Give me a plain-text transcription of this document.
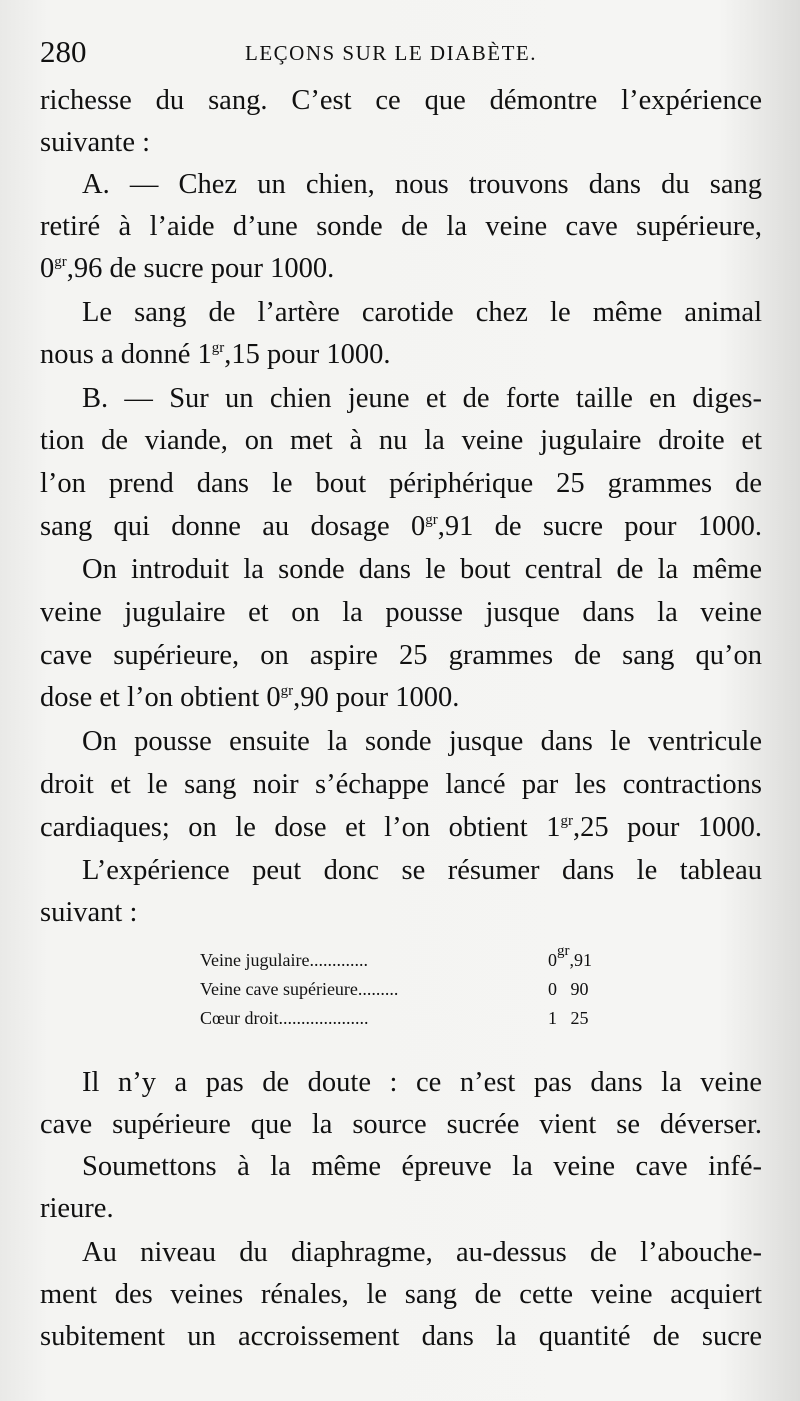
280	LEÇONS SUR LE DIABÈTE.
richesse du sang. C’est ce que démontre l’expérience
suivante :
A. — Chez un chien, nous trouvons dans du sang
retiré à l’aide d’une sonde de la veine cave supérieure,
$0^{gr},96$ de sucre pour 1000.
Le sang de l’artère carotide chez le même animal
nous a donné $1^{gr},15$ pour 1000.
B. — Sur un chien jeune et de forte taille en diges-
tion de viande, on met à nu la veine jugulaire droite et
l’on prend dans le bout périphérique 25 grammes de
sang qui donne au dosage $0^{gr},91$ de sucre pour 1000.
On introduit la sonde dans le bout central de la même
veine jugulaire et on la pousse jusque dans la veine
cave supérieure, on aspire 25 grammes de sang qu’on
dose et l’on obtient $0^{gr},90$ pour 1000.
On pousse ensuite la sonde jusque dans le ventricule
droit et le sang noir s’échappe lancé par les contractions
cardiaques; on le dose et l’on obtient $1^{gr},25$ pour 1000.
L’expérience peut donc se résumer dans le tableau
suivant :
Veine jugulaire.............	$0^{gr},91$
Veine cave supérieure.........	0   90
Cœur droit....................	1   25
Il n’y a pas de doute : ce n’est pas dans la veine
cave supérieure que la source sucrée vient se déverser.
Soumettons à la même épreuve la veine cave infé-
rieure.
Au niveau du diaphragme, au-dessus de l’abouche-
ment des veines rénales, le sang de cette veine acquiert
subitement un accroissement dans la quantité de sucre
